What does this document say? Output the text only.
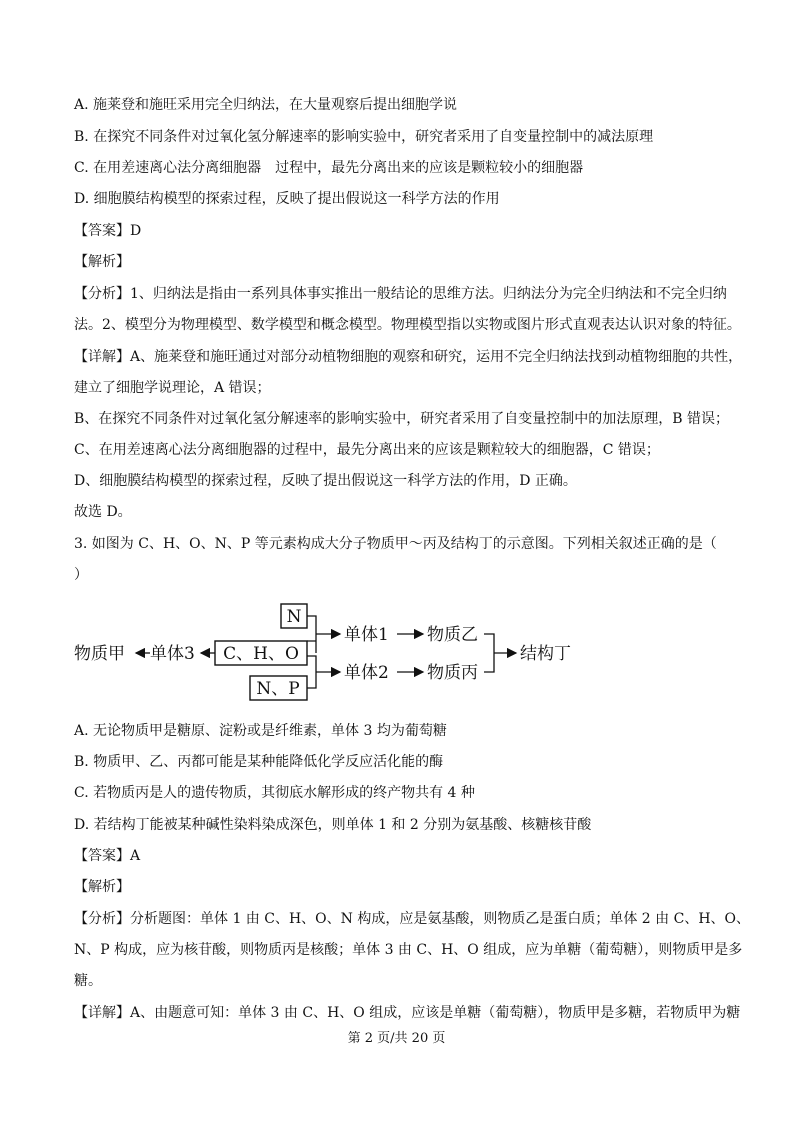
A. 施莱登和施旺采用完全归纳法，在大量观察后提出细胞学说
B. 在探究不同条件对过氧化氢分解速率的影响实验中，研究者采用了自变量控制中的减法原理
C. 在用差速离心法分离细胞器　过程中，最先分离出来的应该是颗粒较小的细胞器
D. 细胞膜结构模型的探索过程，反映了提出假说这一科学方法的作用
【答案】D
【解析】
【分析】1、归纳法是指由一系列具体事实推出一般结论的思维方法。归纳法分为完全归纳法和不完全归纳
法。2、模型分为物理模型、数学模型和概念模型。物理模型指以实物或图片形式直观表达认识对象的特征。
【详解】A、施莱登和施旺通过对部分动植物细胞的观察和研究，运用不完全归纳法找到动植物细胞的共性，
建立了细胞学说理论，A 错误；
B、在探究不同条件对过氧化氢分解速率的影响实验中，研究者采用了自变量控制中的加法原理，B 错误；
C、在用差速离心法分离细胞器的过程中，最先分离出来的应该是颗粒较大的细胞器，C 错误；
D、细胞膜结构模型的探索过程，反映了提出假说这一科学方法的作用，D 正确。
故选 D。
3. 如图为 C、H、O、N、P 等元素构成大分子物质甲～丙及结构丁的示意图。下列相关叙述正确的是（
）
N
C、H、O
N、P
单体3
物质甲
单体1 物质乙
单体2 物质丙
结构丁
A. 无论物质甲是糖原、淀粉或是纤维素，单体 3 均为葡萄糖
B. 物质甲、乙、丙都可能是某种能降低化学反应活化能的酶
C. 若物质丙是人的遗传物质，其彻底水解形成的终产物共有 4 种
D. 若结构丁能被某种碱性染料染成深色，则单体 1 和 2 分别为氨基酸、核糖核苷酸
【答案】A
【解析】
【分析】分析题图：单体 1 由 C、H、O、N 构成，应是氨基酸，则物质乙是蛋白质；单体 2 由 C、H、O、
N、P 构成，应为核苷酸，则物质丙是核酸；单体 3 由 C、H、O 组成，应为单糖（葡萄糖），则物质甲是多
糖。
【详解】A、由题意可知：单体 3 由 C、H、O 组成，应该是单糖（葡萄糖），物质甲是多糖，若物质甲为糖
第 2 页/共 20 页
